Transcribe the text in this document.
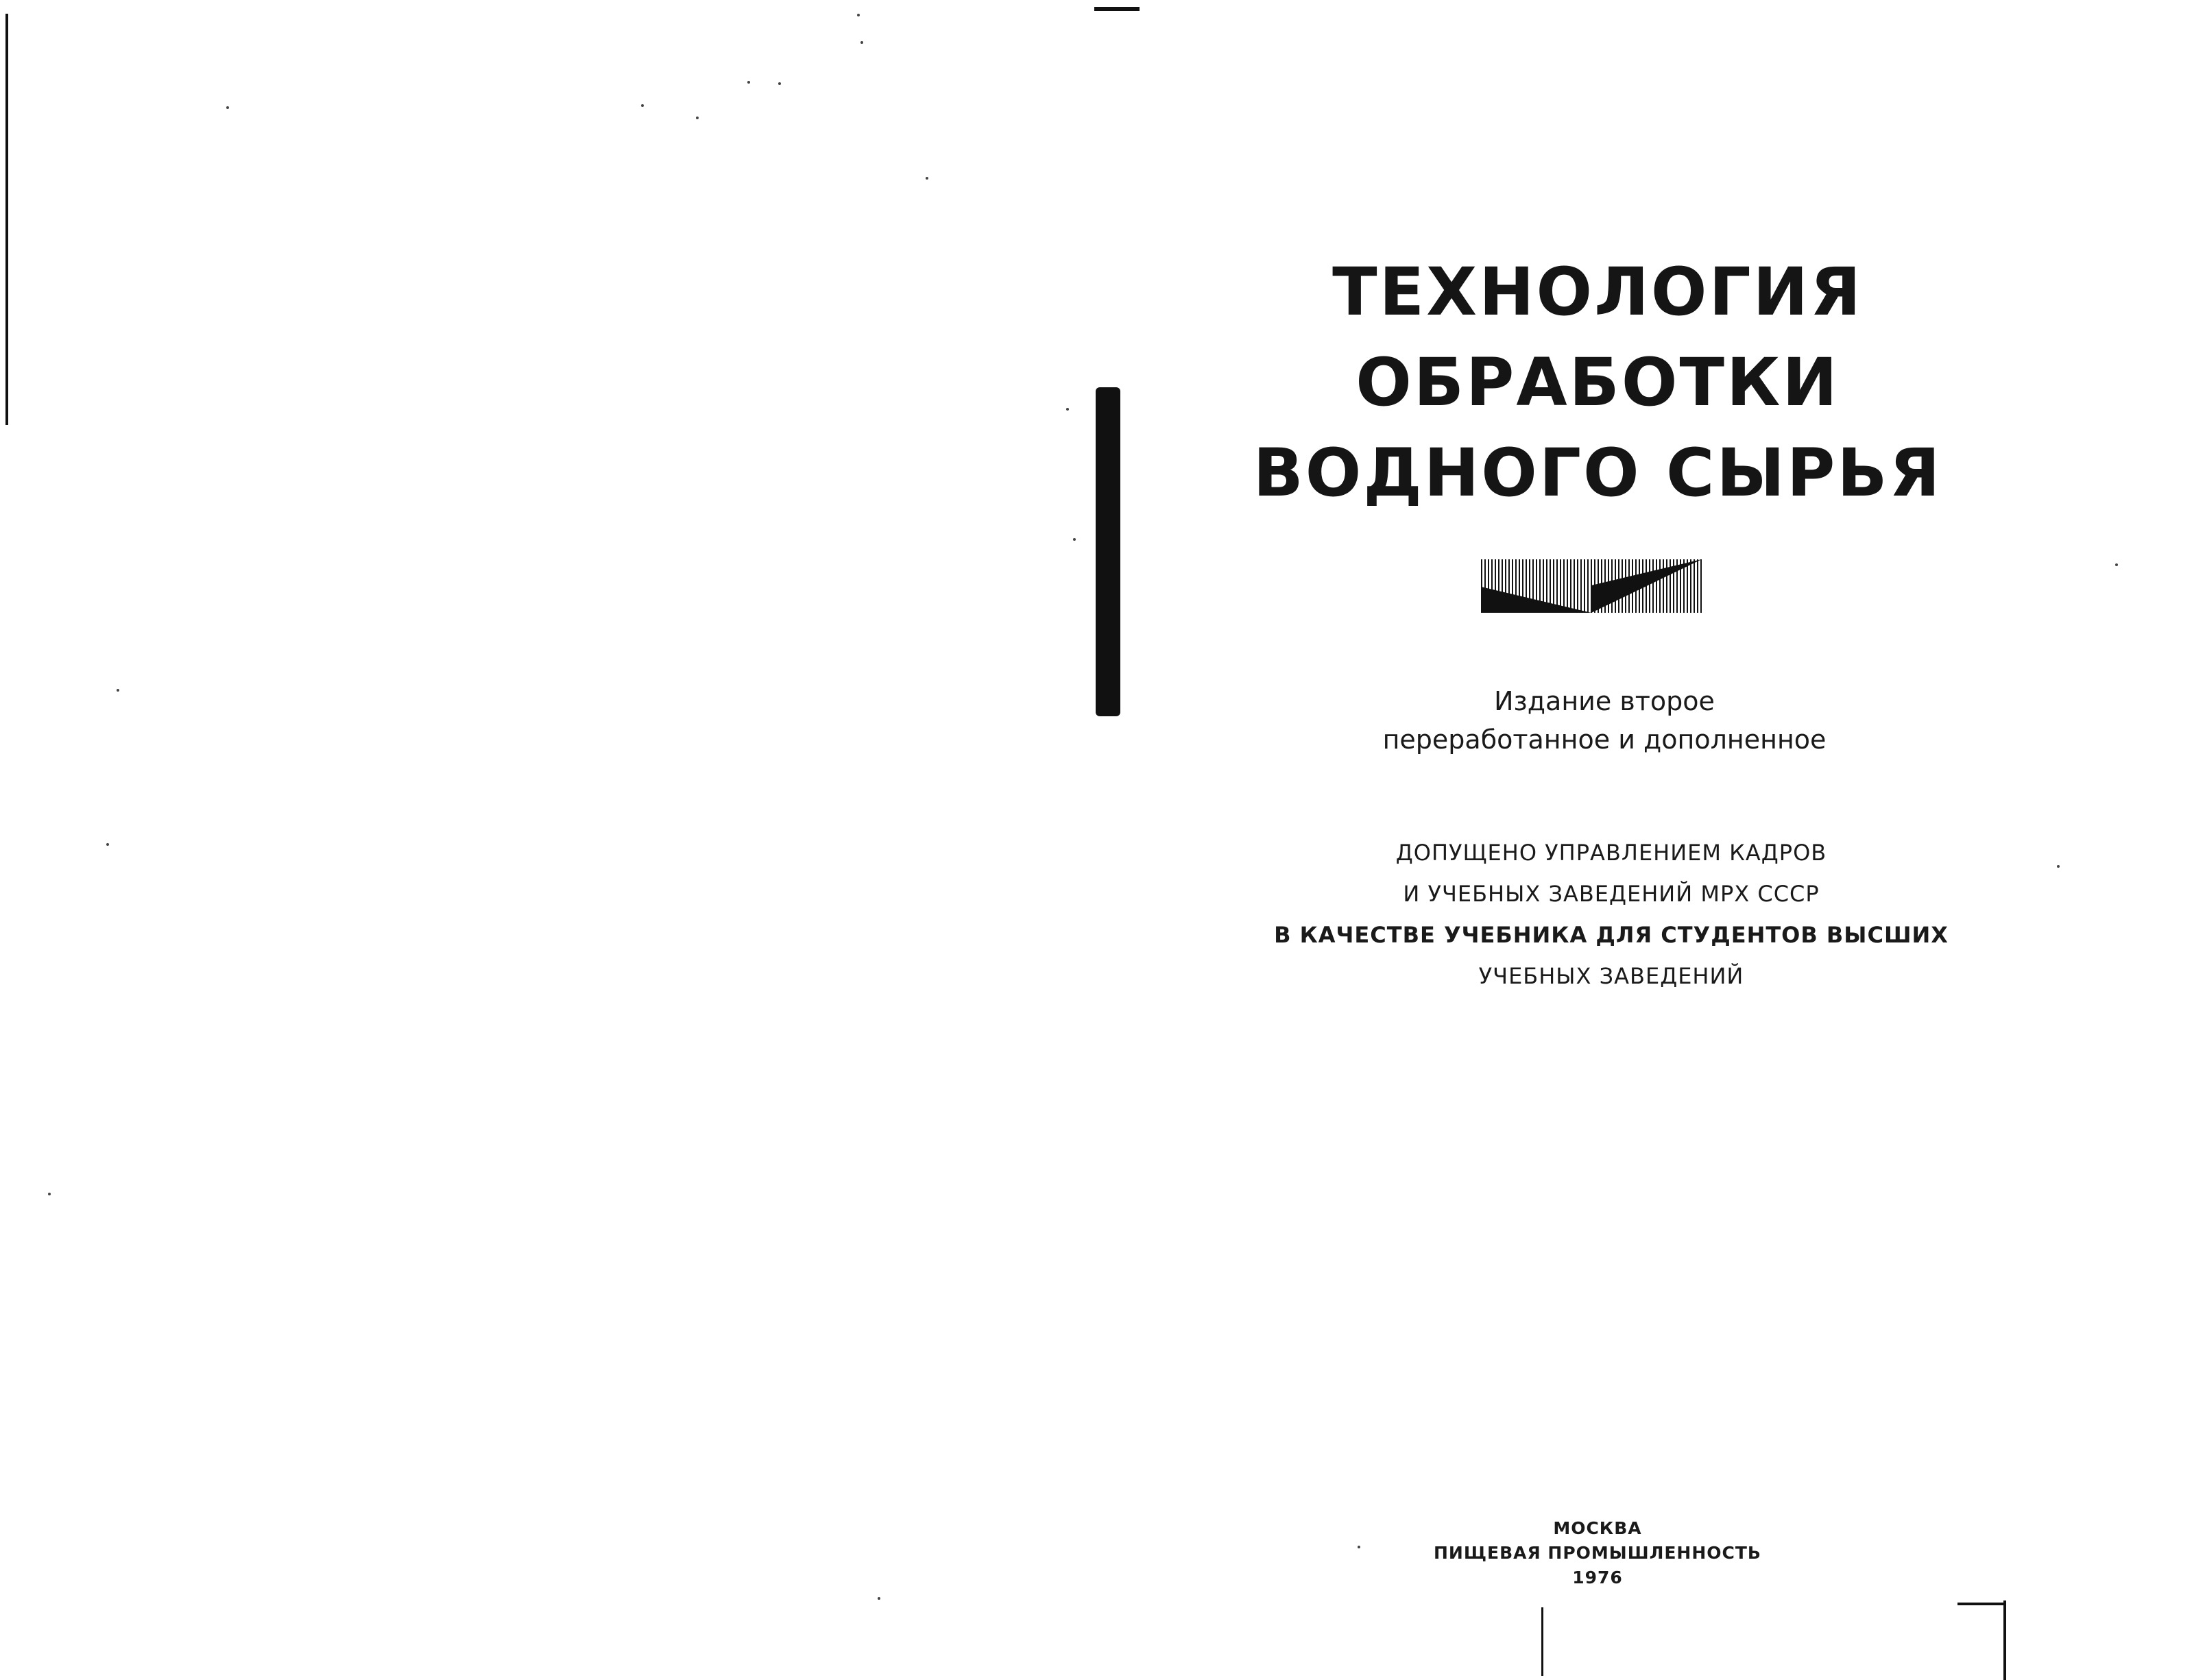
ТЕХНОЛОГИЯ
ОБРАБОТКИ
ВОДНОГО СЫРЬЯ
Издание второе
переработанное и дополненное
ДОПУЩЕНО УПРАВЛЕНИЕМ КАДРОВ
И УЧЕБНЫХ ЗАВЕДЕНИЙ МРХ СССР
В КАЧЕСТВЕ УЧЕБНИКА ДЛЯ СТУДЕНТОВ ВЫСШИХ
УЧЕБНЫХ ЗАВЕДЕНИЙ
МОСКВА
ПИЩЕВАЯ ПРОМЫШЛЕННОСТЬ
1976
